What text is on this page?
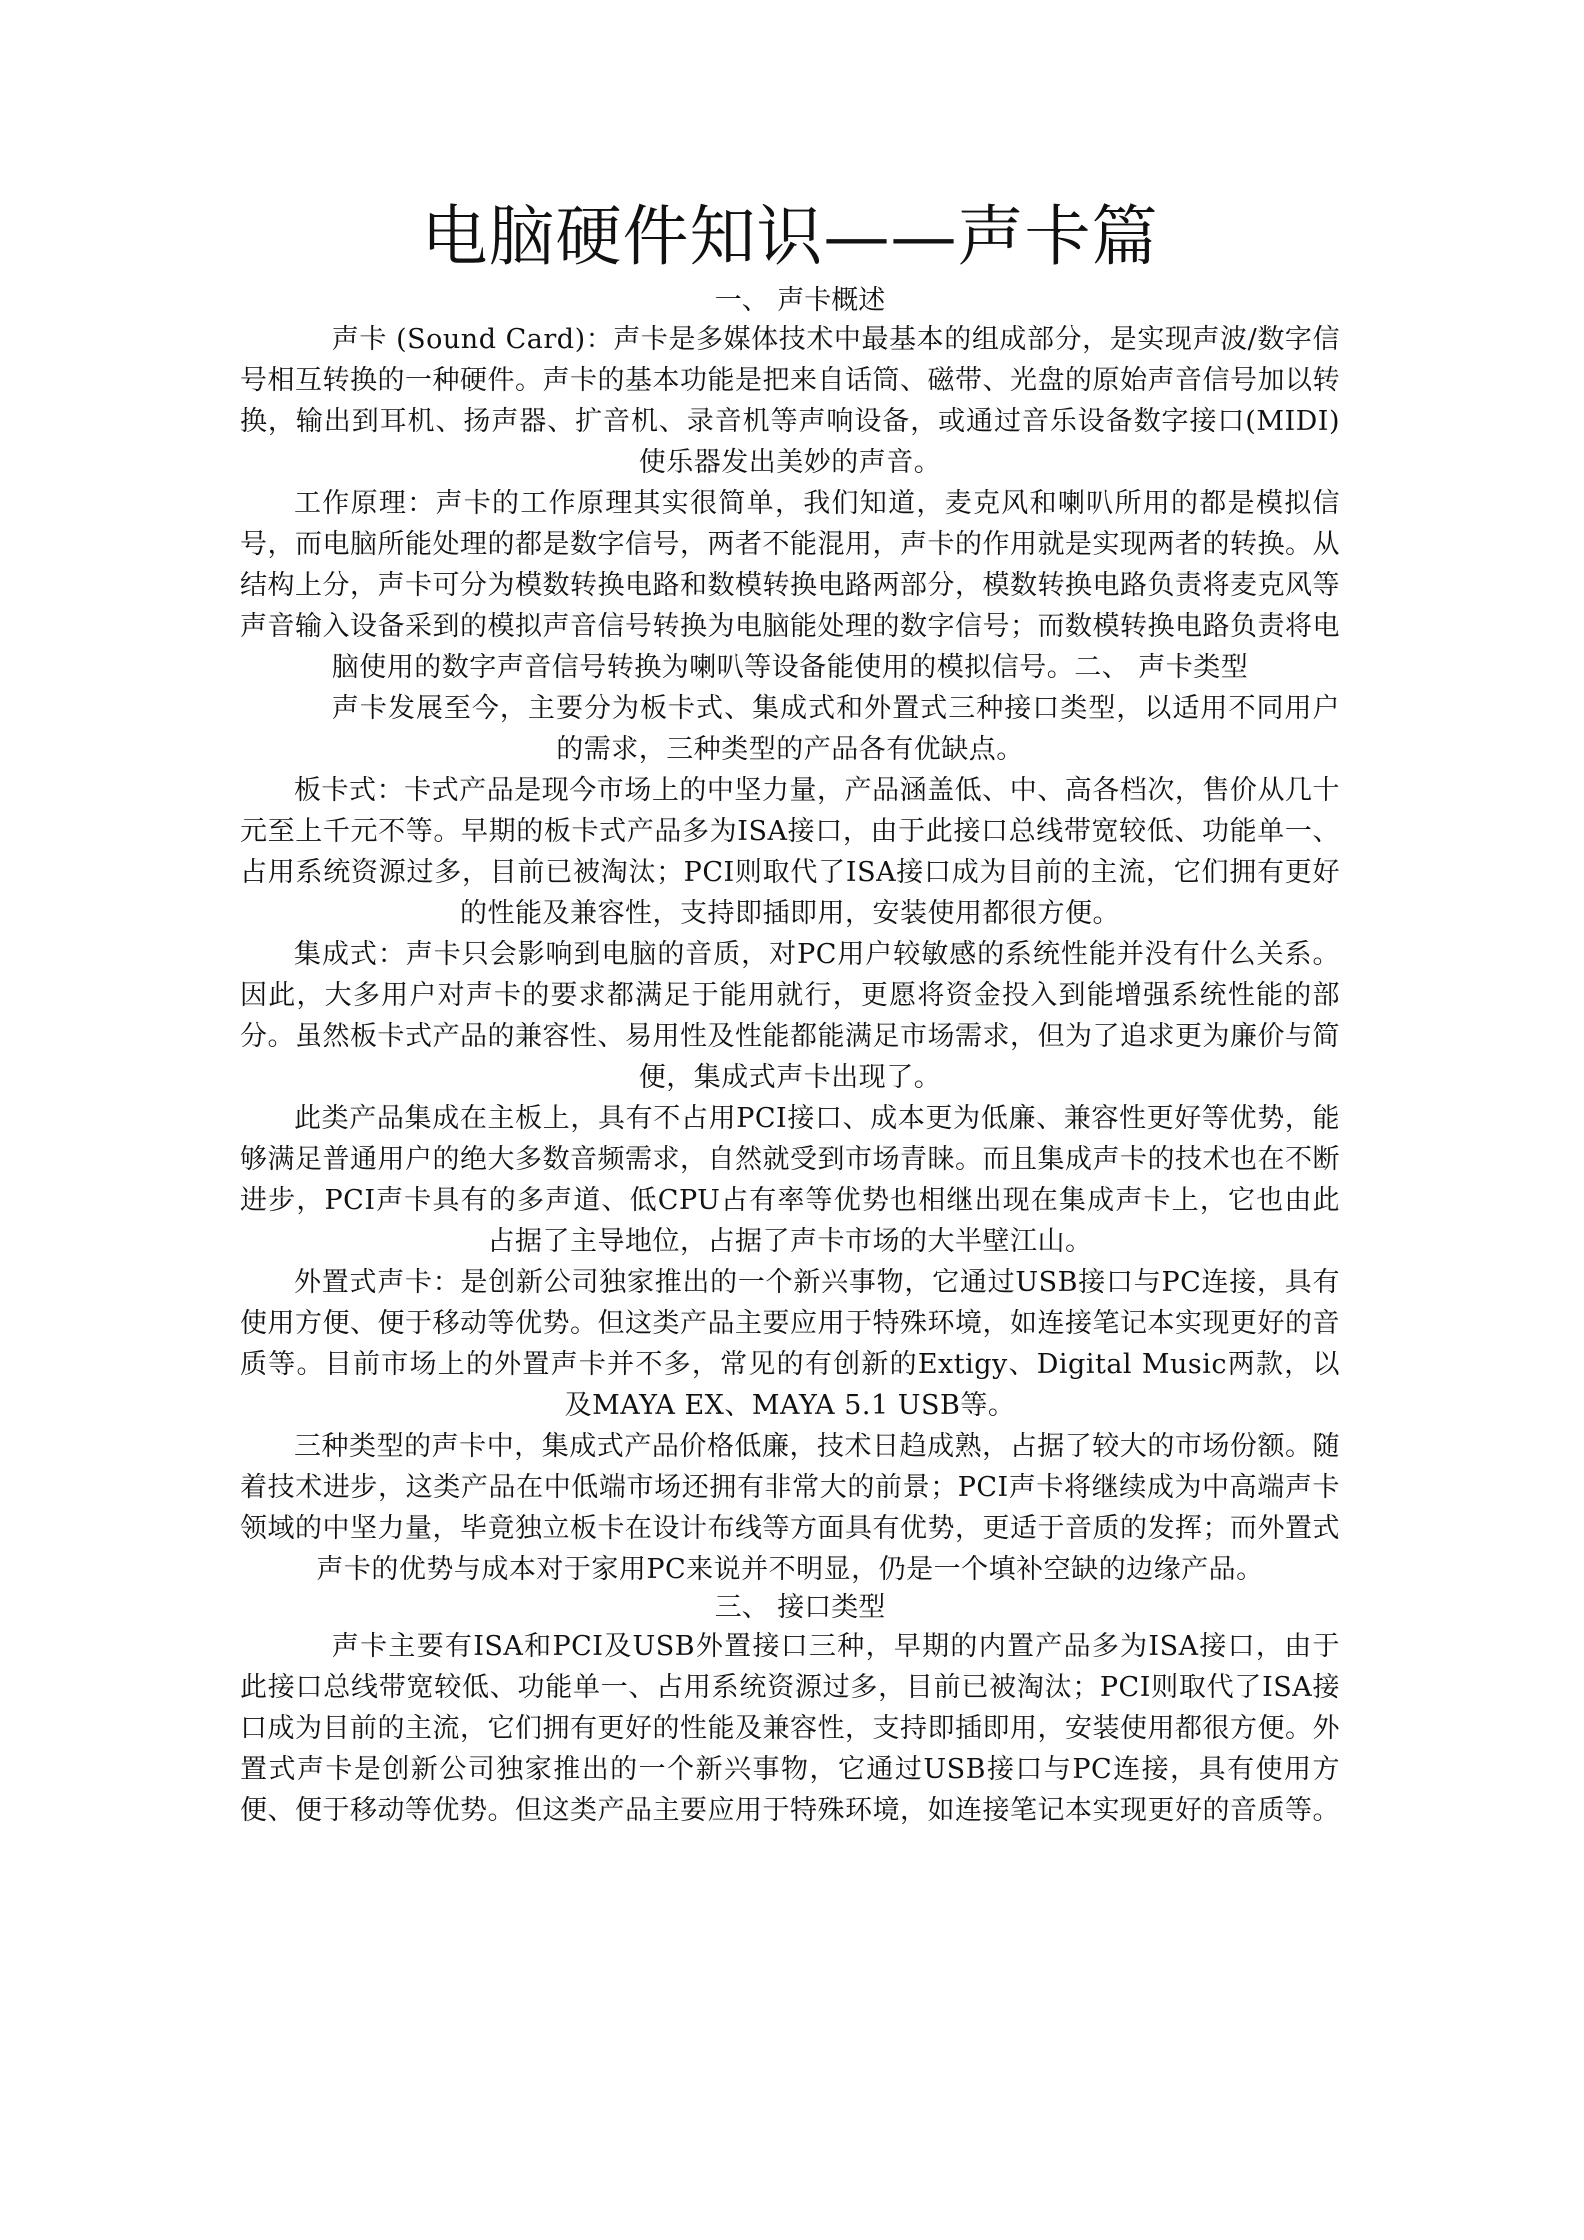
电脑硬件知识——声卡篇

一、 声卡概述

声卡 (Sound Card)：声卡是多媒体技术中最基本的组成部分，是实现声波/数字信号相互转换的一种硬件。声卡的基本功能是把来自话筒、磁带、光盘的原始声音信号加以转换，输出到耳机、扬声器、扩音机、录音机等声响设备，或通过音乐设备数字接口(MIDI)使乐器发出美妙的声音。

工作原理：声卡的工作原理其实很简单，我们知道，麦克风和喇叭所用的都是模拟信号，而电脑所能处理的都是数字信号，两者不能混用，声卡的作用就是实现两者的转换。从结构上分，声卡可分为模数转换电路和数模转换电路两部分，模数转换电路负责将麦克风等声音输入设备采到的模拟声音信号转换为电脑能处理的数字信号；而数模转换电路负责将电脑使用的数字声音信号转换为喇叭等设备能使用的模拟信号。二、 声卡类型

声卡发展至今，主要分为板卡式、集成式和外置式三种接口类型，以适用不同用户的需求，三种类型的产品各有优缺点。

板卡式：卡式产品是现今市场上的中坚力量，产品涵盖低、中、高各档次，售价从几十元至上千元不等。早期的板卡式产品多为ISA接口，由于此接口总线带宽较低、功能单一、占用系统资源过多，目前已被淘汰；PCI则取代了ISA接口成为目前的主流，它们拥有更好的性能及兼容性，支持即插即用，安装使用都很方便。

集成式：声卡只会影响到电脑的音质，对PC用户较敏感的系统性能并没有什么关系。因此，大多用户对声卡的要求都满足于能用就行，更愿将资金投入到能增强系统性能的部分。虽然板卡式产品的兼容性、易用性及性能都能满足市场需求，但为了追求更为廉价与简便，集成式声卡出现了。

此类产品集成在主板上，具有不占用PCI接口、成本更为低廉、兼容性更好等优势，能够满足普通用户的绝大多数音频需求，自然就受到市场青睐。而且集成声卡的技术也在不断进步，PCI声卡具有的多声道、低CPU占有率等优势也相继出现在集成声卡上，它也由此占据了主导地位，占据了声卡市场的大半壁江山。

外置式声卡：是创新公司独家推出的一个新兴事物，它通过USB接口与PC连接，具有使用方便、便于移动等优势。但这类产品主要应用于特殊环境，如连接笔记本实现更好的音质等。目前市场上的外置声卡并不多，常见的有创新的Extigy、Digital Music两款，以及MAYA EX、MAYA 5.1 USB等。

三种类型的声卡中，集成式产品价格低廉，技术日趋成熟，占据了较大的市场份额。随着技术进步，这类产品在中低端市场还拥有非常大的前景；PCI声卡将继续成为中高端声卡领域的中坚力量，毕竟独立板卡在设计布线等方面具有优势，更适于音质的发挥；而外置式声卡的优势与成本对于家用PC来说并不明显，仍是一个填补空缺的边缘产品。

三、 接口类型

声卡主要有ISA和PCI及USB外置接口三种，早期的内置产品多为ISA接口，由于此接口总线带宽较低、功能单一、占用系统资源过多，目前已被淘汰；PCI则取代了ISA接口成为目前的主流，它们拥有更好的性能及兼容性，支持即插即用，安装使用都很方便。外置式声卡是创新公司独家推出的一个新兴事物，它通过USB接口与PC连接，具有使用方便、便于移动等优势。但这类产品主要应用于特殊环境，如连接笔记本实现更好的音质等。
